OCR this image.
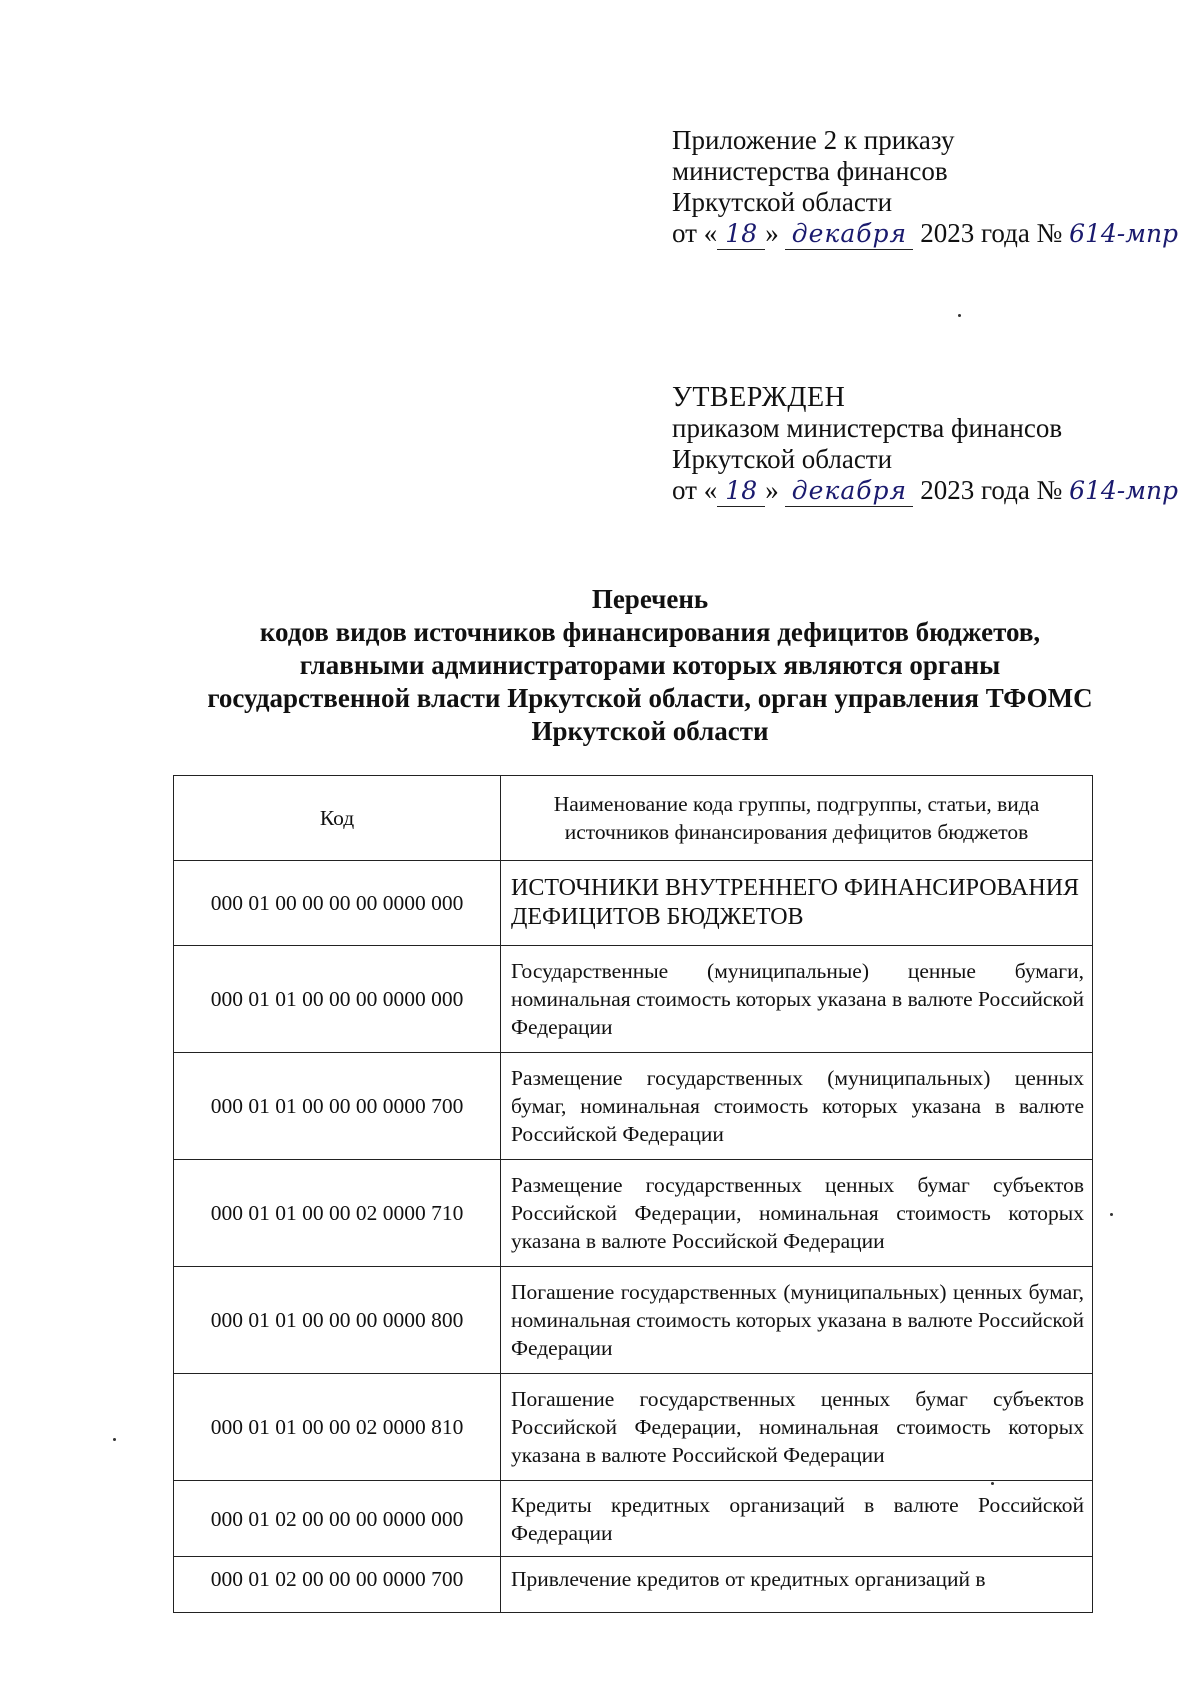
Приложение 2 к приказу
министерства финансов
Иркутской области
от « 18 » декабря 2023 года № 614-мпр
УТВЕРЖДЕН
приказом министерства финансов
Иркутской области
от « 18 » декабря 2023 года № 614-мпр
Перечень
кодов видов источников финансирования дефицитов бюджетов,
главными администраторами которых являются органы
государственной власти Иркутской области, орган управления ТФОМС
Иркутской области
Код	Наименование кода группы, подгруппы, статьи, вида источников финансирования дефицитов бюджетов
000 01 00 00 00 00 0000 000	ИСТОЧНИКИ ВНУТРЕННЕГО ФИНАНСИРОВАНИЯ ДЕФИЦИТОВ БЮДЖЕТОВ
000 01 01 00 00 00 0000 000	Государственные (муниципальные) ценные бумаги, номинальная стоимость которых указана в валюте Российской Федерации
000 01 01 00 00 00 0000 700	Размещение государственных (муниципальных) ценных бумаг, номинальная стоимость которых указана в валюте Российской Федерации
000 01 01 00 00 02 0000 710	Размещение государственных ценных бумаг субъектов Российской Федерации, номинальная стоимость которых указана в валюте Российской Федерации
000 01 01 00 00 00 0000 800	Погашение государственных (муниципальных) ценных бумаг, номинальная стоимость которых указана в валюте Российской Федерации
000 01 01 00 00 02 0000 810	Погашение государственных ценных бумаг субъектов Российской Федерации, номинальная стоимость которых указана в валюте Российской Федерации
000 01 02 00 00 00 0000 000	Кредиты кредитных организаций в валюте Российской Федерации
000 01 02 00 00 00 0000 700	Привлечение кредитов от кредитных организаций в
